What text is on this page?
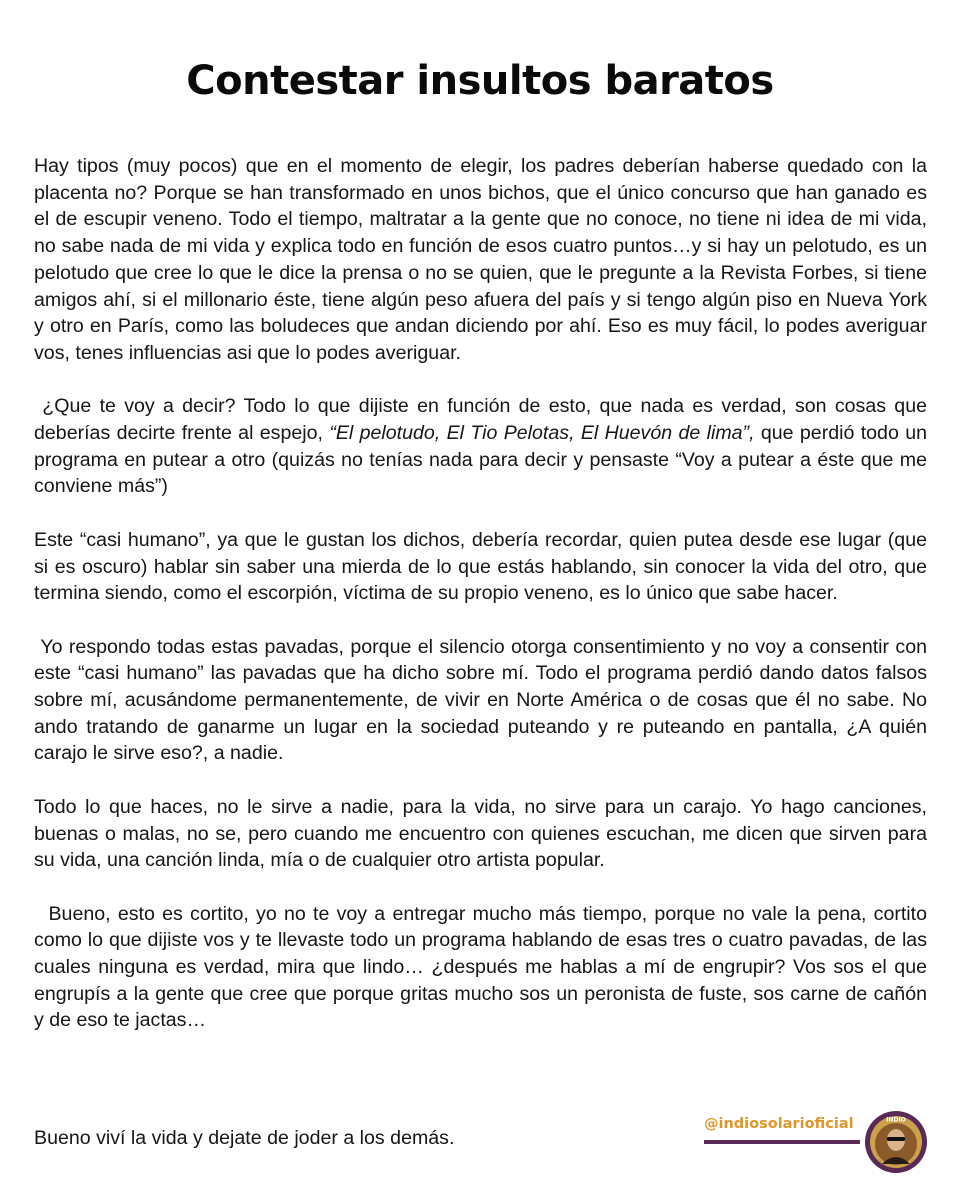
Contestar insultos baratos

Hay tipos (muy pocos) que en el momento de elegir, los padres deberían haberse quedado con la placenta no? Porque se han transformado en unos bichos, que el único concurso que han ganado es el de escupir veneno. Todo el tiempo, maltratar a la gente que no conoce, no tiene ni idea de mi vida, no sabe nada de mi vida y explica todo en función de esos cuatro puntos…y si hay un pelotudo, es un pelotudo que cree lo que le dice la prensa o no se quien, que le pregunte a la Revista Forbes, si tiene amigos ahí, si el millonario éste, tiene algún peso afuera del país y si tengo algún piso en Nueva York y otro en París, como las boludeces que andan diciendo por ahí. Eso es muy fácil, lo podes averiguar vos, tenes influencias asi que lo podes averiguar.

¿Que te voy a decir? Todo lo que dijiste en función de esto, que nada es verdad, son cosas que deberías decirte frente al espejo, “El pelotudo, El Tio Pelotas, El Huevón de lima”, que perdió todo un programa en putear a otro (quizás no tenías nada para decir y pensaste “Voy a putear a éste que me conviene más”)

Este “casi humano”, ya que le gustan los dichos, debería recordar, quien putea desde ese lugar (que si es oscuro) hablar sin saber una mierda de lo que estás hablando, sin conocer la vida del otro, que termina siendo, como el escorpión, víctima de su propio veneno, es lo único que sabe hacer.

Yo respondo todas estas pavadas, porque el silencio otorga consentimiento y no voy a consentir con este “casi humano” las pavadas que ha dicho sobre mí. Todo el programa perdió dando datos falsos sobre mí, acusándome permanentemente, de vivir en Norte América o de cosas que él no sabe. No ando tratando de ganarme un lugar en la sociedad puteando y re puteando en pantalla, ¿A quién carajo le sirve eso?, a nadie.

Todo lo que haces, no le sirve a nadie, para la vida, no sirve para un carajo. Yo hago canciones, buenas o malas, no se, pero cuando me encuentro con quienes escuchan, me dicen que sirven para su vida, una canción linda, mía o de cualquier otro artista popular.

Bueno, esto es cortito, yo no te voy a entregar mucho más tiempo, porque no vale la pena, cortito como lo que dijiste vos y te llevaste todo un programa hablando de esas tres o cuatro pavadas, de las cuales ninguna es verdad, mira que lindo… ¿después me hablas a mí de engrupir? Vos sos el que engrupís a la gente que cree que porque gritas mucho sos un peronista de fuste, sos carne de cañón y de eso te jactas…

Bueno viví la vida y dejate de joder a los demás.
@indiosolarioficial	INDIO
